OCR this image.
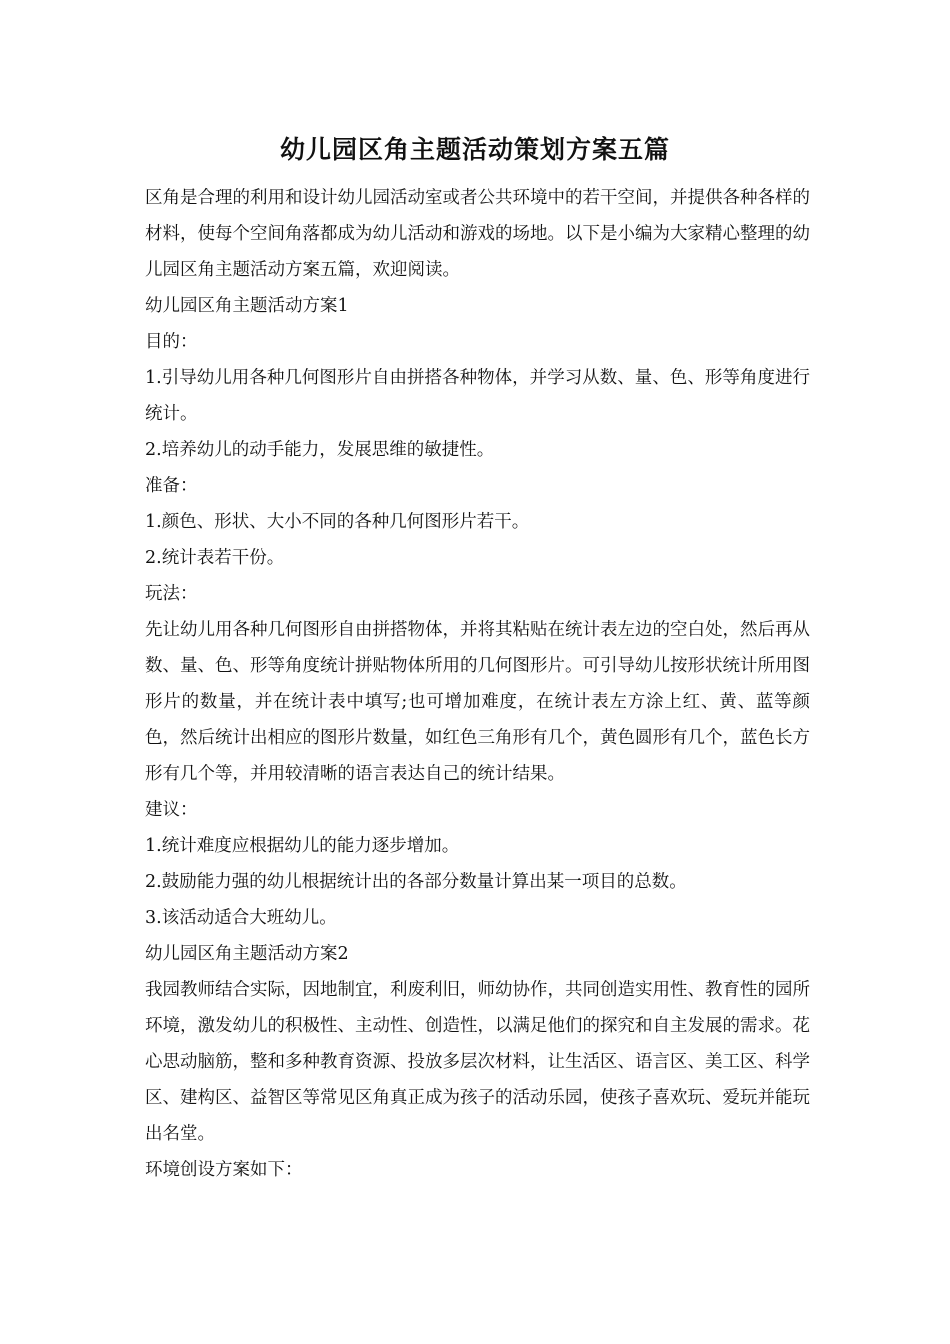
幼儿园区角主题活动策划方案五篇

区角是合理的利用和设计幼儿园活动室或者公共环境中的若干空间，并提供各种各样的材料，使每个空间角落都成为幼儿活动和游戏的场地。以下是小编为大家精心整理的幼儿园区角主题活动方案五篇，欢迎阅读。

幼儿园区角主题活动方案1

目的：

1.引导幼儿用各种几何图形片自由拼搭各种物体，并学习从数、量、色、形等角度进行统计。

2.培养幼儿的动手能力，发展思维的敏捷性。

准备：

1.颜色、形状、大小不同的各种几何图形片若干。

2.统计表若干份。

玩法：

先让幼儿用各种几何图形自由拼搭物体，并将其粘贴在统计表左边的空白处，然后再从数、量、色、形等角度统计拼贴物体所用的几何图形片。可引导幼儿按形状统计所用图形片的数量，并在统计表中填写;也可增加难度，在统计表左方涂上红、黄、蓝等颜色，然后统计出相应的图形片数量，如红色三角形有几个，黄色圆形有几个，蓝色长方形有几个等，并用较清晰的语言表达自己的统计结果。

建议：

1.统计难度应根据幼儿的能力逐步增加。

2.鼓励能力强的幼儿根据统计出的各部分数量计算出某一项目的总数。

3.该活动适合大班幼儿。

幼儿园区角主题活动方案2

我园教师结合实际，因地制宜，利废利旧，师幼协作，共同创造实用性、教育性的园所环境，激发幼儿的积极性、主动性、创造性，以满足他们的探究和自主发展的需求。花心思动脑筋，整和多种教育资源、投放多层次材料，让生活区、语言区、美工区、科学区、建构区、益智区等常见区角真正成为孩子的活动乐园，使孩子喜欢玩、爱玩并能玩出名堂。

环境创设方案如下：
